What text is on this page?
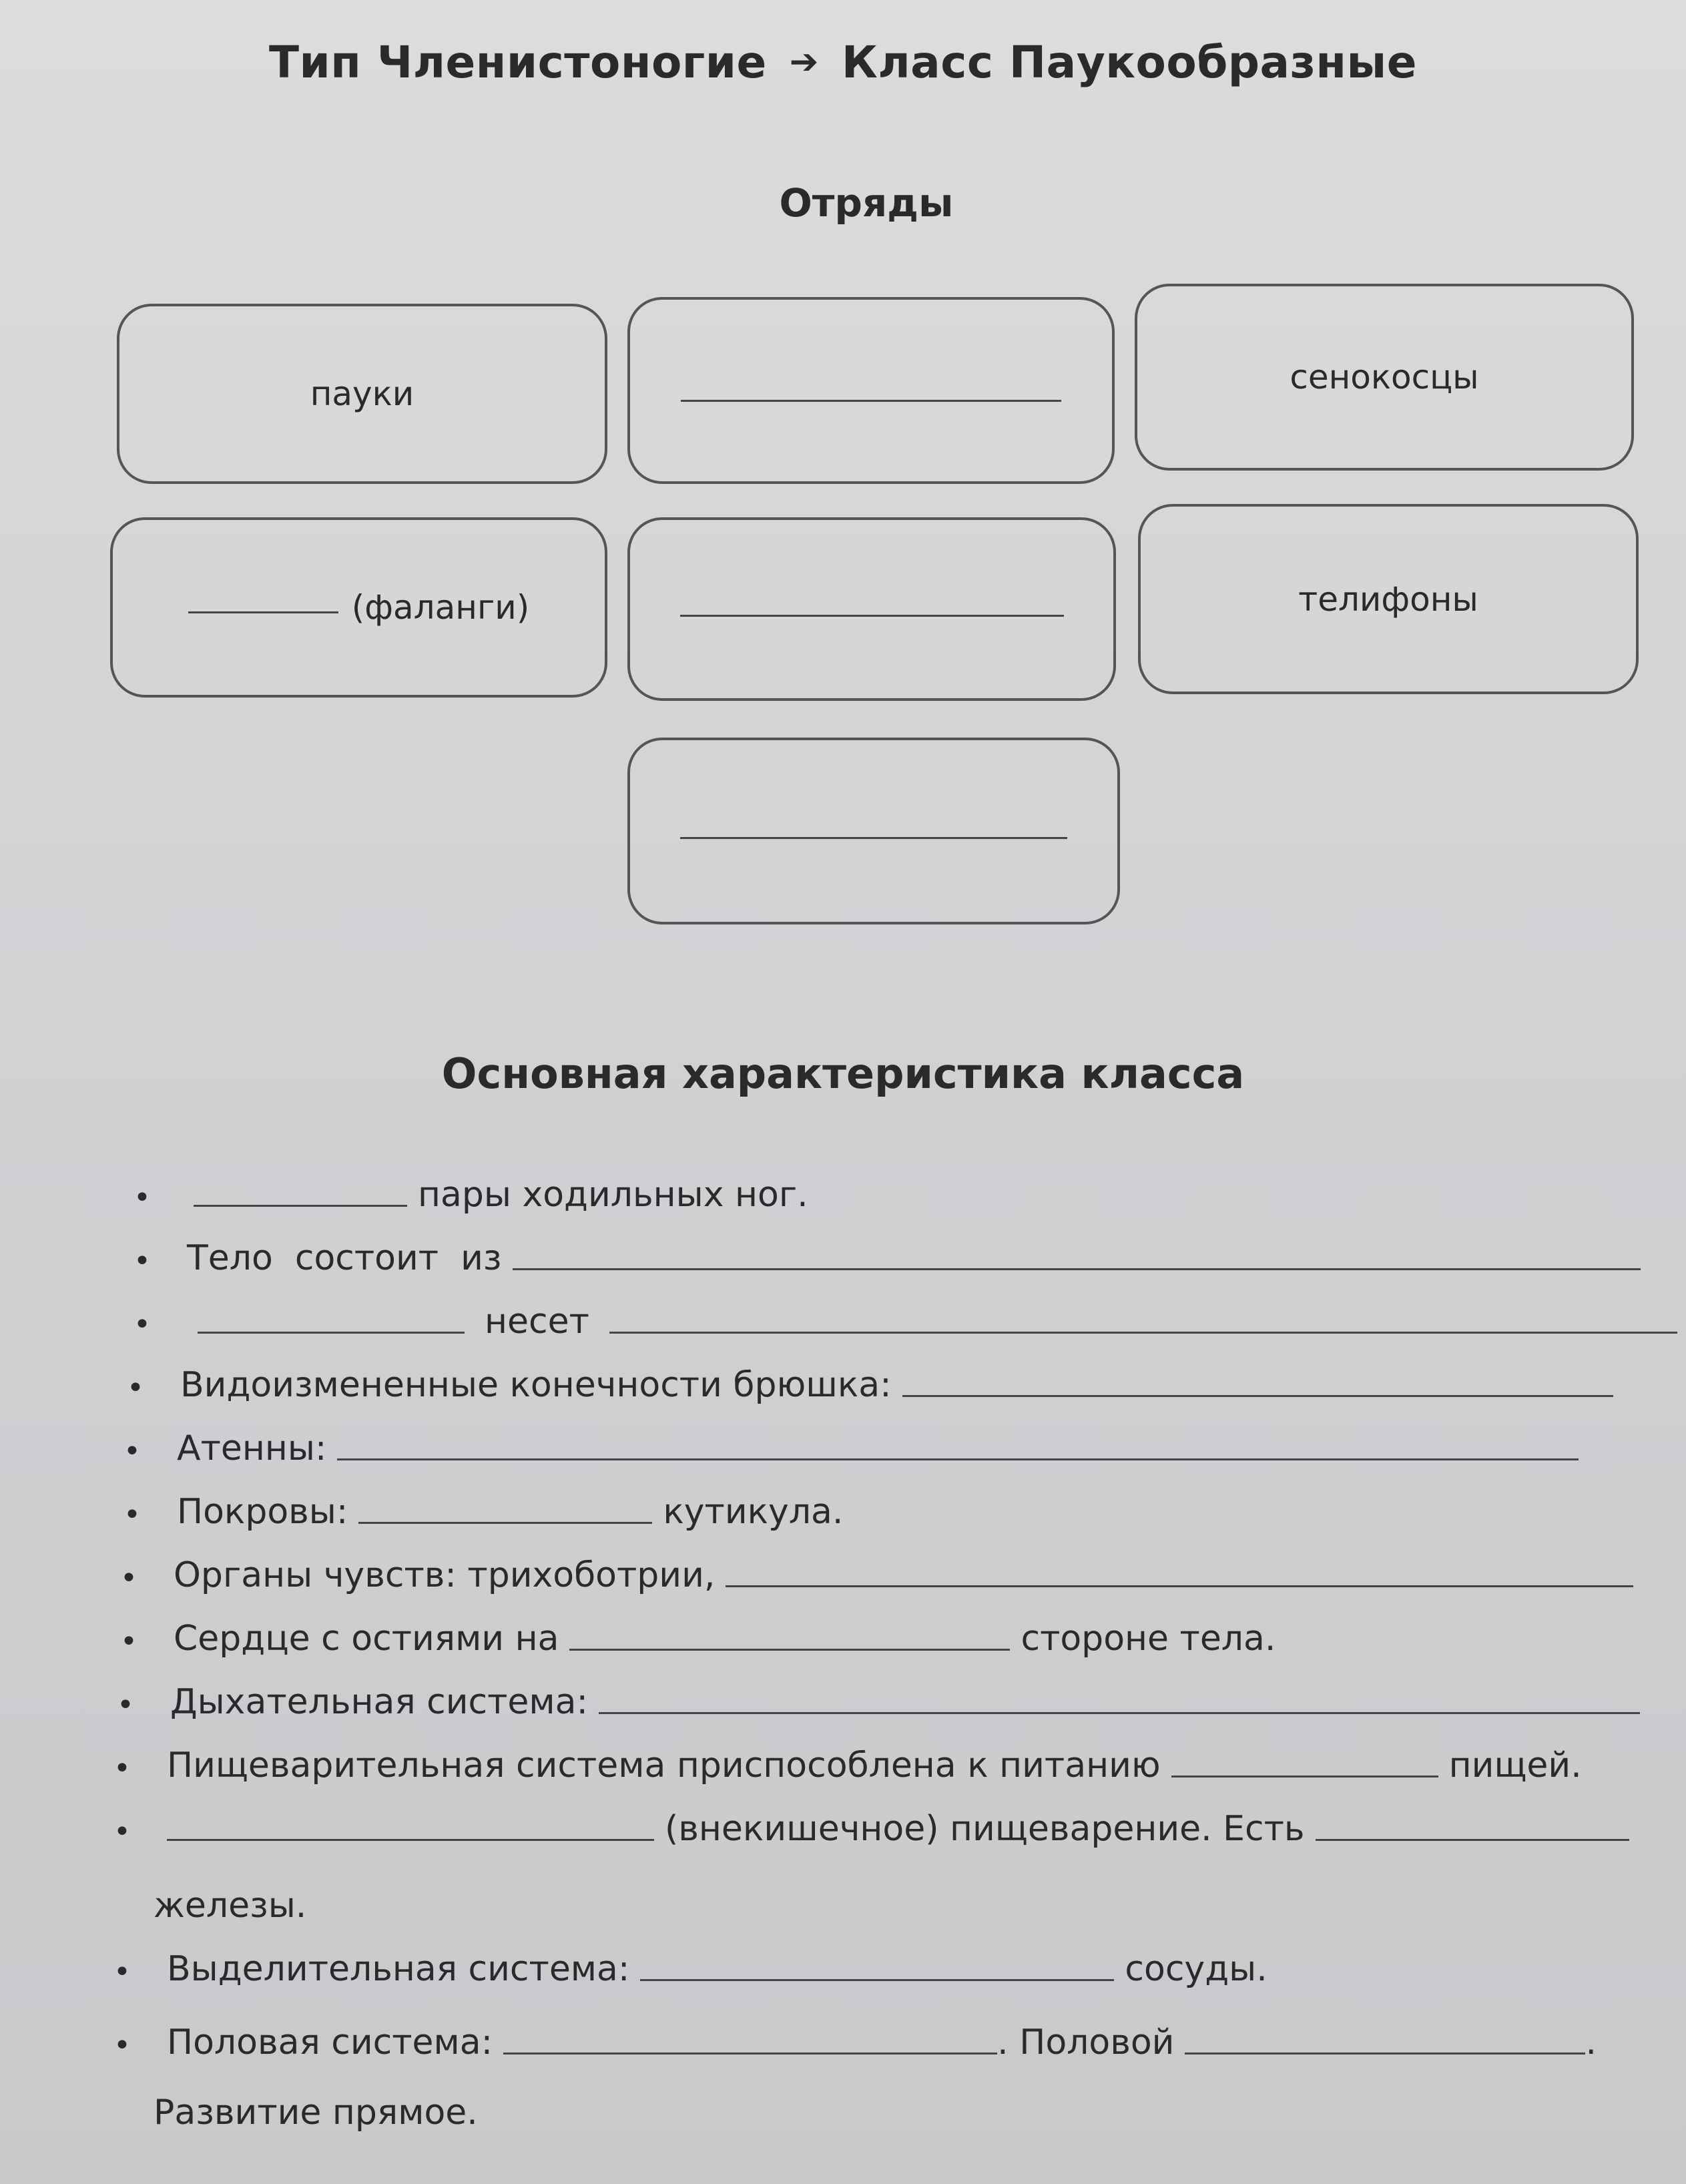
Тип Членистоногие ➔ Класс Паукообразные
Отряды
пауки	сенокосцы
(фаланги)	телифоны
Основная характеристика класса
•	пары ходильных ног.
•	Тело  состоит  из
•	несет
•	Видоизмененные конечности брюшка:
•	Атенны:
•	Покровы:	кутикула.
•	Органы чувств: трихоботрии,
•	Сердце с остиями на	стороне тела.
•	Дыхательная система:
•	Пищеварительная система приспособлена к питанию	пищей.
•	(внекишечное) пищеварение. Есть
железы.
•	Выделительная система:	сосуды.
•	Половая система:	. Половой	.
Развитие прямое.
